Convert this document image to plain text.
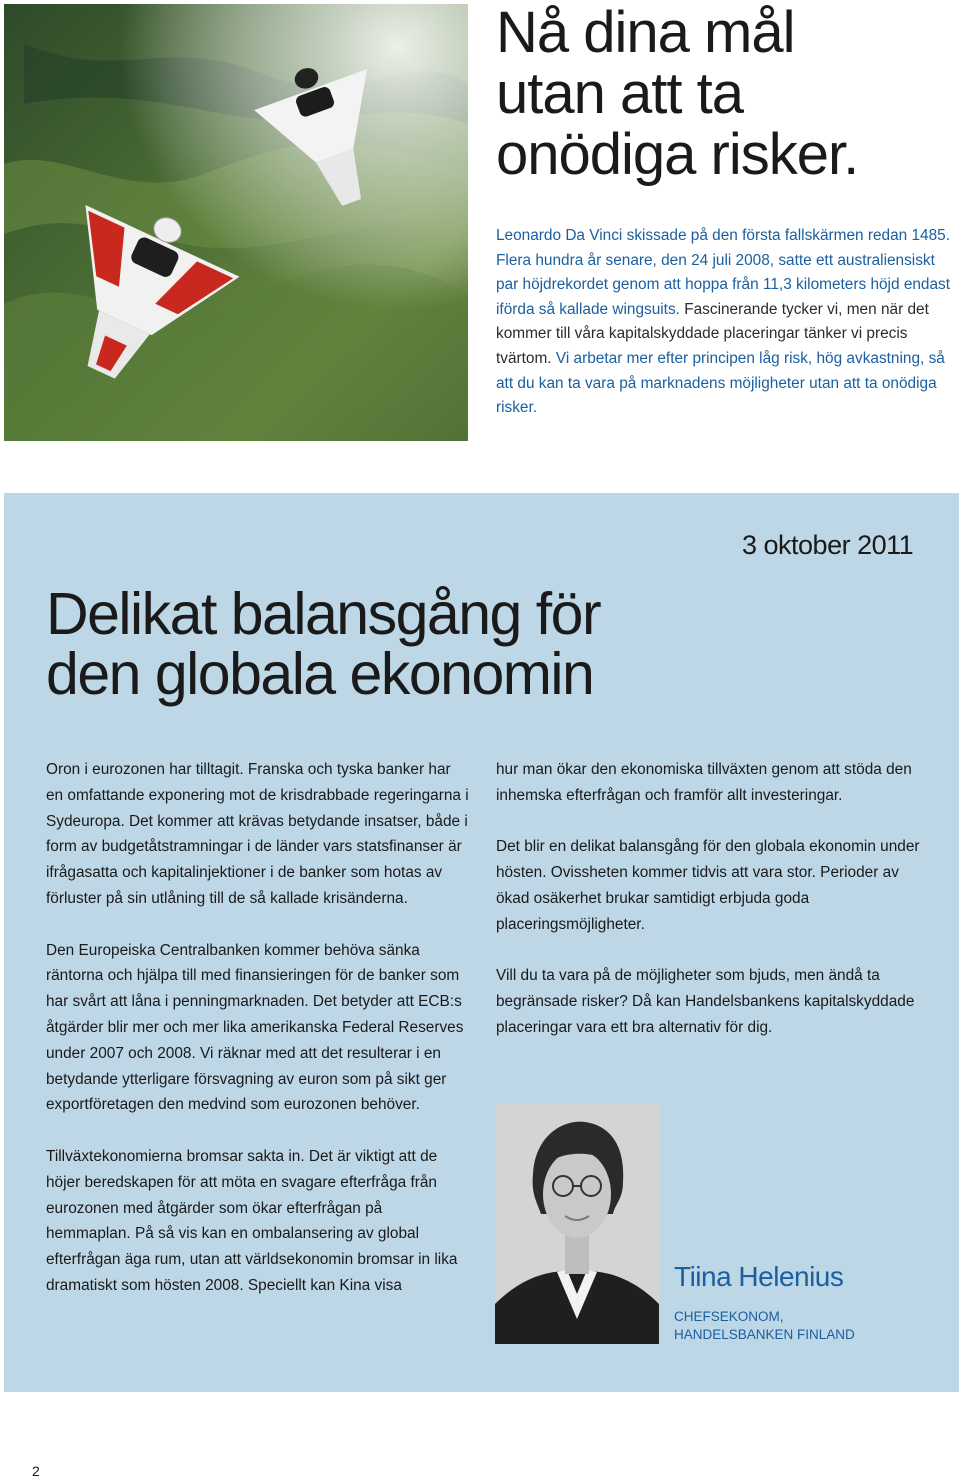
Nå dina mål
utan att ta
onödiga risker.

Leonardo Da Vinci skissade på den första fallskärmen redan 1485. Flera hundra år senare, den 24 juli 2008, satte ett australiensiskt par höjdrekordet genom att hoppa från 11,3 kilometers höjd endast iförda så kallade wingsuits. Fascinerande tycker vi, men när det kommer till våra kapitalskyddade placeringar tänker vi precis tvärtom. Vi arbetar mer efter principen låg risk, hög avkastning, så att du kan ta vara på marknadens möjligheter utan att ta onödiga risker.

3 oktober 2011

Delikat balansgång för
den globala ekonomin

Oron i eurozonen har tilltagit. Franska och tyska banker har en omfattande exponering mot de krisdrabbade regeringarna i Sydeuropa. Det kommer att krävas betydande insatser, både i form av budgetåtstramningar i de länder vars statsfinanser är ifrågasatta och kapitalinjektioner i de banker som hotas av förluster på sin utlåning till de så kallade krisänderna.

Den Europeiska Centralbanken kommer behöva sänka räntorna och hjälpa till med finansieringen för de banker som har svårt att låna i penningmarknaden. Det betyder att ECB:s åtgärder blir mer och mer lika amerikanska Federal Reserves under 2007 och 2008. Vi räknar med att det resulterar i en betydande ytterligare försvagning av euron som på sikt ger exportföretagen den medvind som eurozonen behöver.

Tillväxtekonomierna bromsar sakta in. Det är viktigt att de höjer beredskapen för att möta en svagare efterfråga från eurozonen med åtgärder som ökar efterfrågan på hemmaplan. På så vis kan en ombalansering av global efterfrågan äga rum, utan att världsekonomin bromsar in lika dramatiskt som hösten 2008. Speciellt kan Kina visa

hur man ökar den ekonomiska tillväxten genom att stöda den inhemska efterfrågan och framför allt investeringar.

Det blir en delikat balansgång för den globala ekonomin under hösten. Ovissheten kommer tidvis att vara stor. Perioder av ökad osäkerhet brukar samtidigt erbjuda goda placeringsmöjligheter.

Vill du ta vara på de möjligheter som bjuds, men ändå ta begränsade risker? Då kan Handelsbankens kapitalskyddade placeringar vara ett bra alternativ för dig.

Tiina Helenius

CHEFSEKONOM,
HANDELSBANKEN FINLAND

2
